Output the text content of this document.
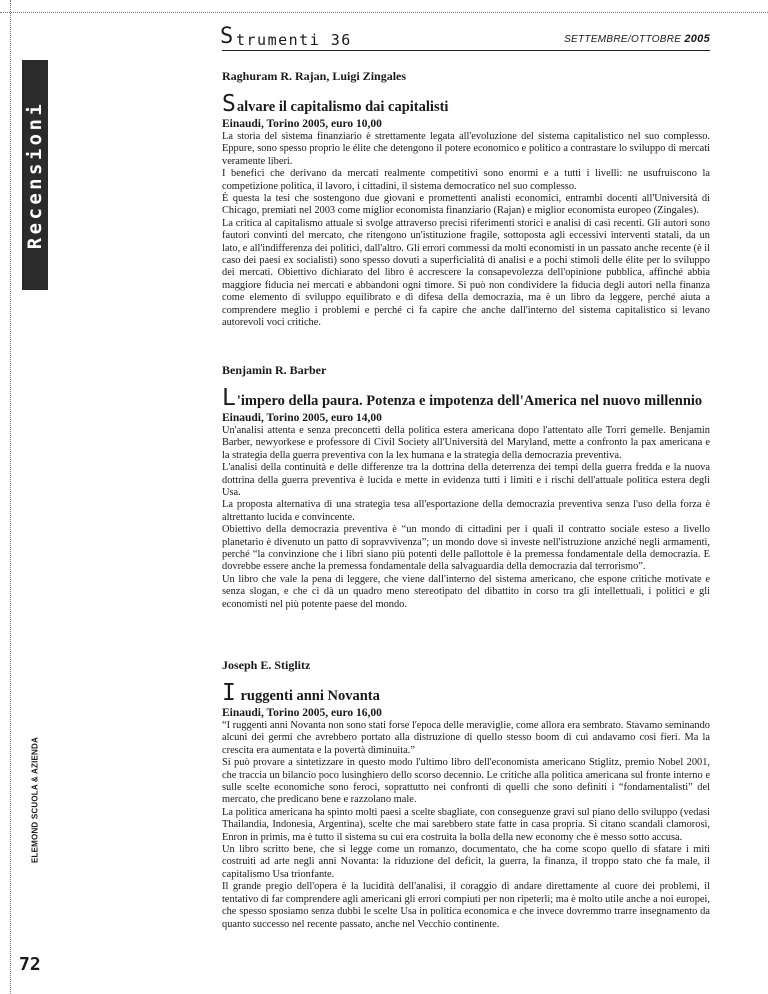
S trumenti 36	SETTEMBRE/OTTOBRE 2005
Recensioni
ELEMOND SCUOLA & AZIENDA
72

Raghuram R. Rajan, Luigi Zingales

Salvare il capitalismo dai capitalisti

Einaudi, Torino 2005, euro 10,00

La storia del sistema finanziario è strettamente legata all'evoluzione del sistema capitalistico nel suo complesso. Eppure, sono spesso proprio le élite che detengono il potere economico e politico a contrastare lo sviluppo di mercati veramente liberi.

I benefici che derivano da mercati realmente competitivi sono enormi e a tutti i livelli: ne usufruiscono la competizione politica, il lavoro, i cittadini, il sistema democratico nel suo complesso.

È questa la tesi che sostengono due giovani e promettenti analisti economici, entrambi docenti all'Università di Chicago, premiati nel 2003 come miglior economista finanziario (Rajan) e miglior economista europeo (Zingales).

La critica al capitalismo attuale si svolge attraverso precisi riferimenti storici e analisi di casi recenti. Gli autori sono fautori convinti del mercato, che ritengono un'istituzione fragile, sottoposta agli eccessivi interventi statali, da un lato, e all'indifferenza dei politici, dall'altro. Gli errori commessi da molti economisti in un passato anche recente (è il caso dei paesi ex socialisti) sono spesso dovuti a superficialità di analisi e a pochi stimoli delle élite per lo sviluppo dei mercati. Obiettivo dichiarato del libro è accrescere la consapevolezza dell'opinione pubblica, affinché abbia maggiore fiducia nei mercati e abbandoni ogni timore. Si può non condividere la fiducia degli autori nella finanza come elemento di sviluppo equilibrato e di difesa della democrazia, ma è un libro da leggere, perché aiuta a comprendere meglio i problemi e perché ci fa capire che anche dall'interno del sistema capitalistico si levano autorevoli voci critiche.

Benjamin R. Barber

L'impero della paura. Potenza e impotenza dell'America nel nuovo millennio

Einaudi, Torino 2005, euro 14,00

Un'analisi attenta e senza preconcetti della politica estera americana dopo l'attentato alle Torri gemelle. Benjamin Barber, newyorkese e professore di Civil Society all'Università del Maryland, mette a confronto la pax americana e la strategia della guerra preventiva con la lex humana e la strategia della democrazia preventiva.

L'analisi della continuità e delle differenze tra la dottrina della deterrenza dei tempi della guerra fredda e la nuova dottrina della guerra preventiva è lucida e mette in evidenza tutti i limiti e i rischi dell'attuale politica estera degli Usa.

La proposta alternativa di una strategia tesa all'esportazione della democrazia preventiva senza l'uso della forza è altrettanto lucida e convincente.

Obiettivo della democrazia preventiva è “un mondo di cittadini per i quali il contratto sociale esteso a livello planetario è divenuto un patto di sopravvivenza”; un mondo dove si investe nell'istruzione anziché negli armamenti, perché “la convinzione che i libri siano più potenti delle pallottole è la premessa fondamentale della democrazia. E dovrebbe essere anche la premessa fondamentale della salvaguardia della democrazia dal terrorismo”.

Un libro che vale la pena di leggere, che viene dall'interno del sistema americano, che espone critiche motivate e senza slogan, e che ci dà un quadro meno stereotipato del dibattito in corso tra gli intellettuali, i politici e gli economisti nel più potente paese del mondo.

Joseph E. Stiglitz

I ruggenti anni Novanta

Einaudi, Torino 2005, euro 16,00

“I ruggenti anni Novanta non sono stati forse l'epoca delle meraviglie, come allora era sembrato. Stavamo seminando alcuni dei germi che avrebbero portato alla distruzione di quello stesso boom di cui andavamo così fieri. Ma la crescita era aumentata e la povertà diminuita.”

Si può provare a sintetizzare in questo modo l'ultimo libro dell'economista americano Stiglitz, premio Nobel 2001, che traccia un bilancio poco lusinghiero dello scorso decennio. Le critiche alla politica americana sul fronte interno e sulle scelte economiche sono feroci, soprattutto nei confronti di quelli che sono definiti i “fondamentalisti” del mercato, che predicano bene e razzolano male.

La politica americana ha spinto molti paesi a scelte sbagliate, con conseguenze gravi sul piano dello sviluppo (vedasi Thailandia, Indonesia, Argentina), scelte che mai sarebbero state fatte in casa propria. Si citano scandali clamorosi, Enron in primis, ma è tutto il sistema su cui era costruita la bolla della new economy che è messo sotto accusa.

Un libro scritto bene, che si legge come un romanzo, documentato, che ha come scopo quello di sfatare i miti costruiti ad arte negli anni Novanta: la riduzione del deficit, la guerra, la finanza, il troppo stato che fa male, il capitalismo Usa trionfante.

Il grande pregio dell'opera è la lucidità dell'analisi, il coraggio di andare direttamente al cuore dei problemi, il tentativo di far comprendere agli americani gli errori compiuti per non ripeterli; ma è molto utile anche a noi europei, che spesso sposiamo senza dubbi le scelte Usa in politica economica e che invece dovremmo trarre insegnamento da quanto successo nel recente passato, anche nel Vecchio continente.
